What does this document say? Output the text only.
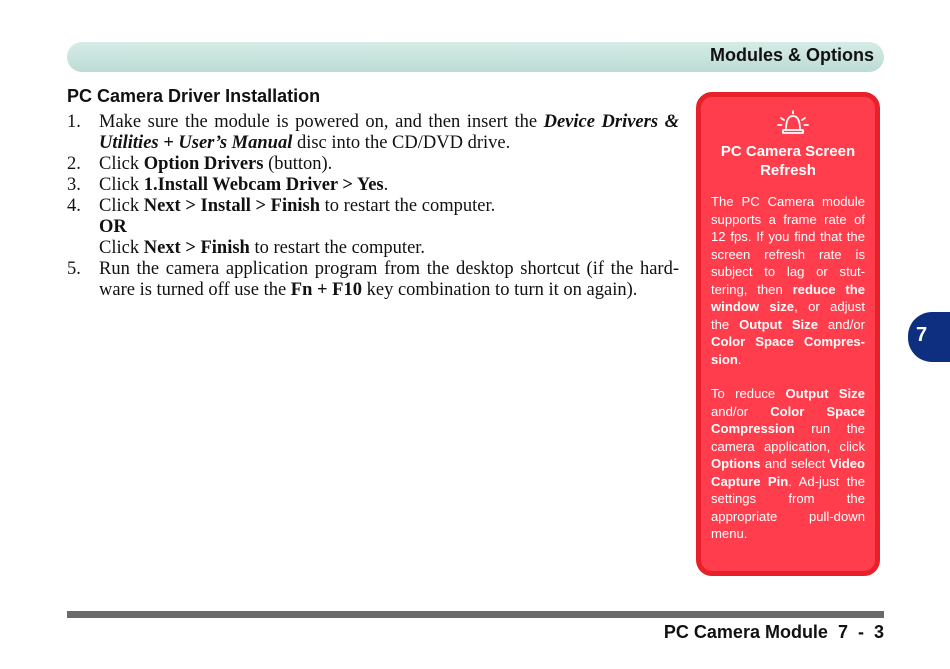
Modules & Options
PC Camera Driver Installation
1. Make sure the module is powered on, and then insert the Device Drivers & Utilities + User’s Manual disc into the CD/DVD drive.
2. Click Option Drivers (button).
3. Click 1.Install Webcam Driver > Yes.
4. Click Next > Install > Finish to restart the computer.
OR
Click Next > Finish to restart the computer.
5. Run the camera application program from the desktop shortcut (if the hard-ware is turned off use the Fn + F10 key combination to turn it on again).
PC Camera Screen Refresh

The PC Camera module supports a frame rate of 12 fps. If you find that the screen refresh rate is subject to lag or stut-tering, then reduce the window size, or adjust the Output Size and/or Color Space Compres-sion.

To reduce Output Size and/or Color Space Compression run the camera application, click Options and select Video Capture Pin. Ad-just the settings from the appropriate pull-down menu.

7
PC Camera Module 7  -  3
